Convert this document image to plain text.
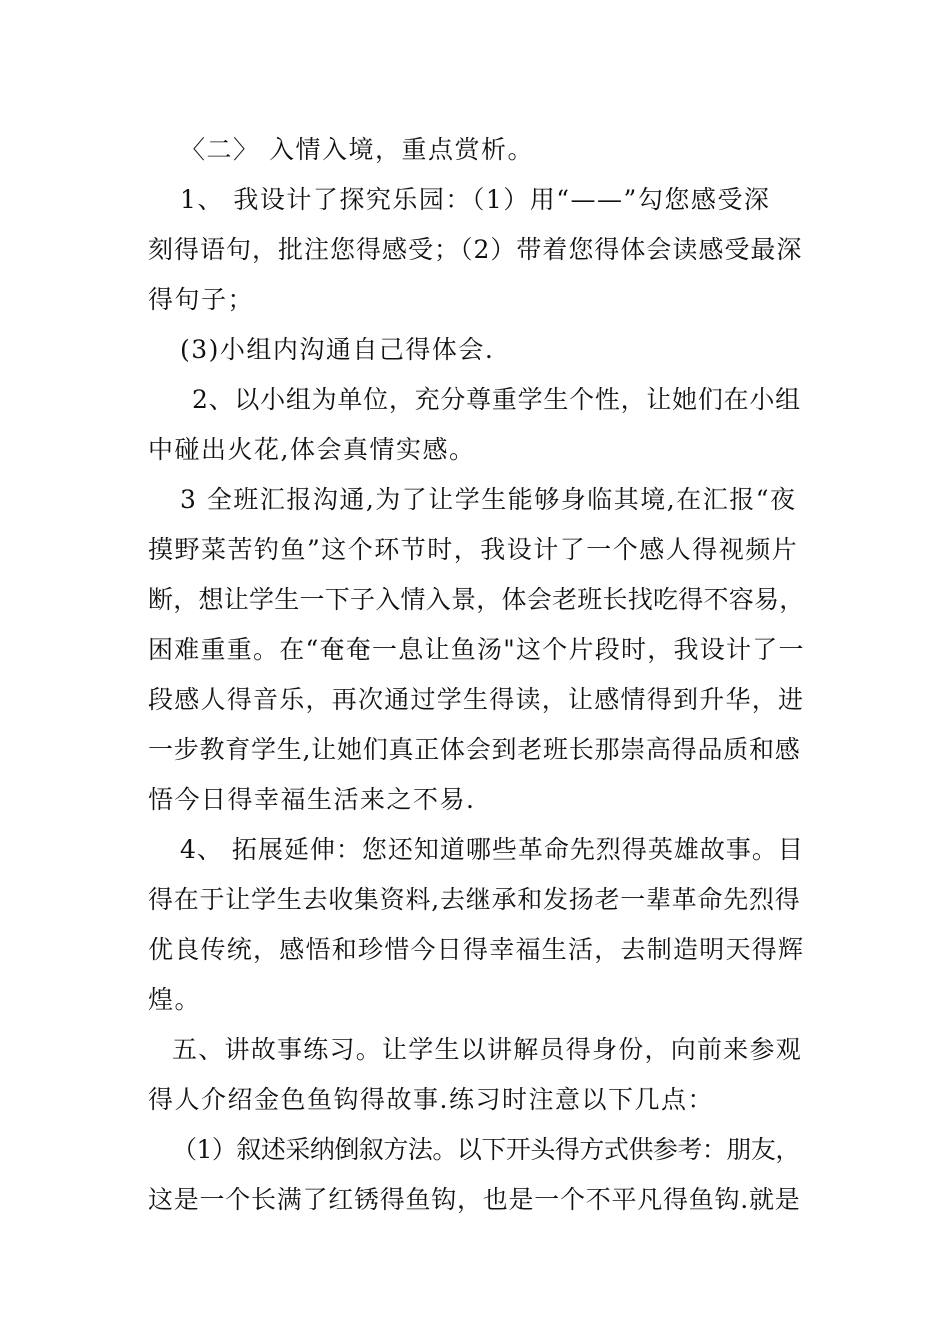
〈二〉 入情入境，重点赏析。
1、 我设计了探究乐园：（1）用“——”勾您感受深
刻得语句，批注您得感受；（2）带着您得体会读感受最深
得句子；
(3)小组内沟通自己得体会.
2、以小组为单位，充分尊重学生个性，让她们在小组
中碰出火花,体会真情实感。
3 全班汇报沟通,为了让学生能够身临其境,在汇报“夜
摸野菜苦钓鱼”这个环节时，我设计了一个感人得视频片
断，想让学生一下子入情入景，体会老班长找吃得不容易，
困难重重。在“奄奄一息让鱼汤"这个片段时，我设计了一
段感人得音乐，再次通过学生得读，让感情得到升华，进
一步教育学生,让她们真正体会到老班长那崇高得品质和感
悟今日得幸福生活来之不易.
4、 拓展延伸：您还知道哪些革命先烈得英雄故事。目
得在于让学生去收集资料,去继承和发扬老一辈革命先烈得
优良传统，感悟和珍惜今日得幸福生活，去制造明天得辉
煌。
五、讲故事练习。让学生以讲解员得身份，向前来参观
得人介绍金色鱼钩得故事.练习时注意以下几点：
（1）叙述采纳倒叙方法。以下开头得方式供参考：朋友，
这是一个长满了红锈得鱼钩，也是一个不平凡得鱼钩.就是
